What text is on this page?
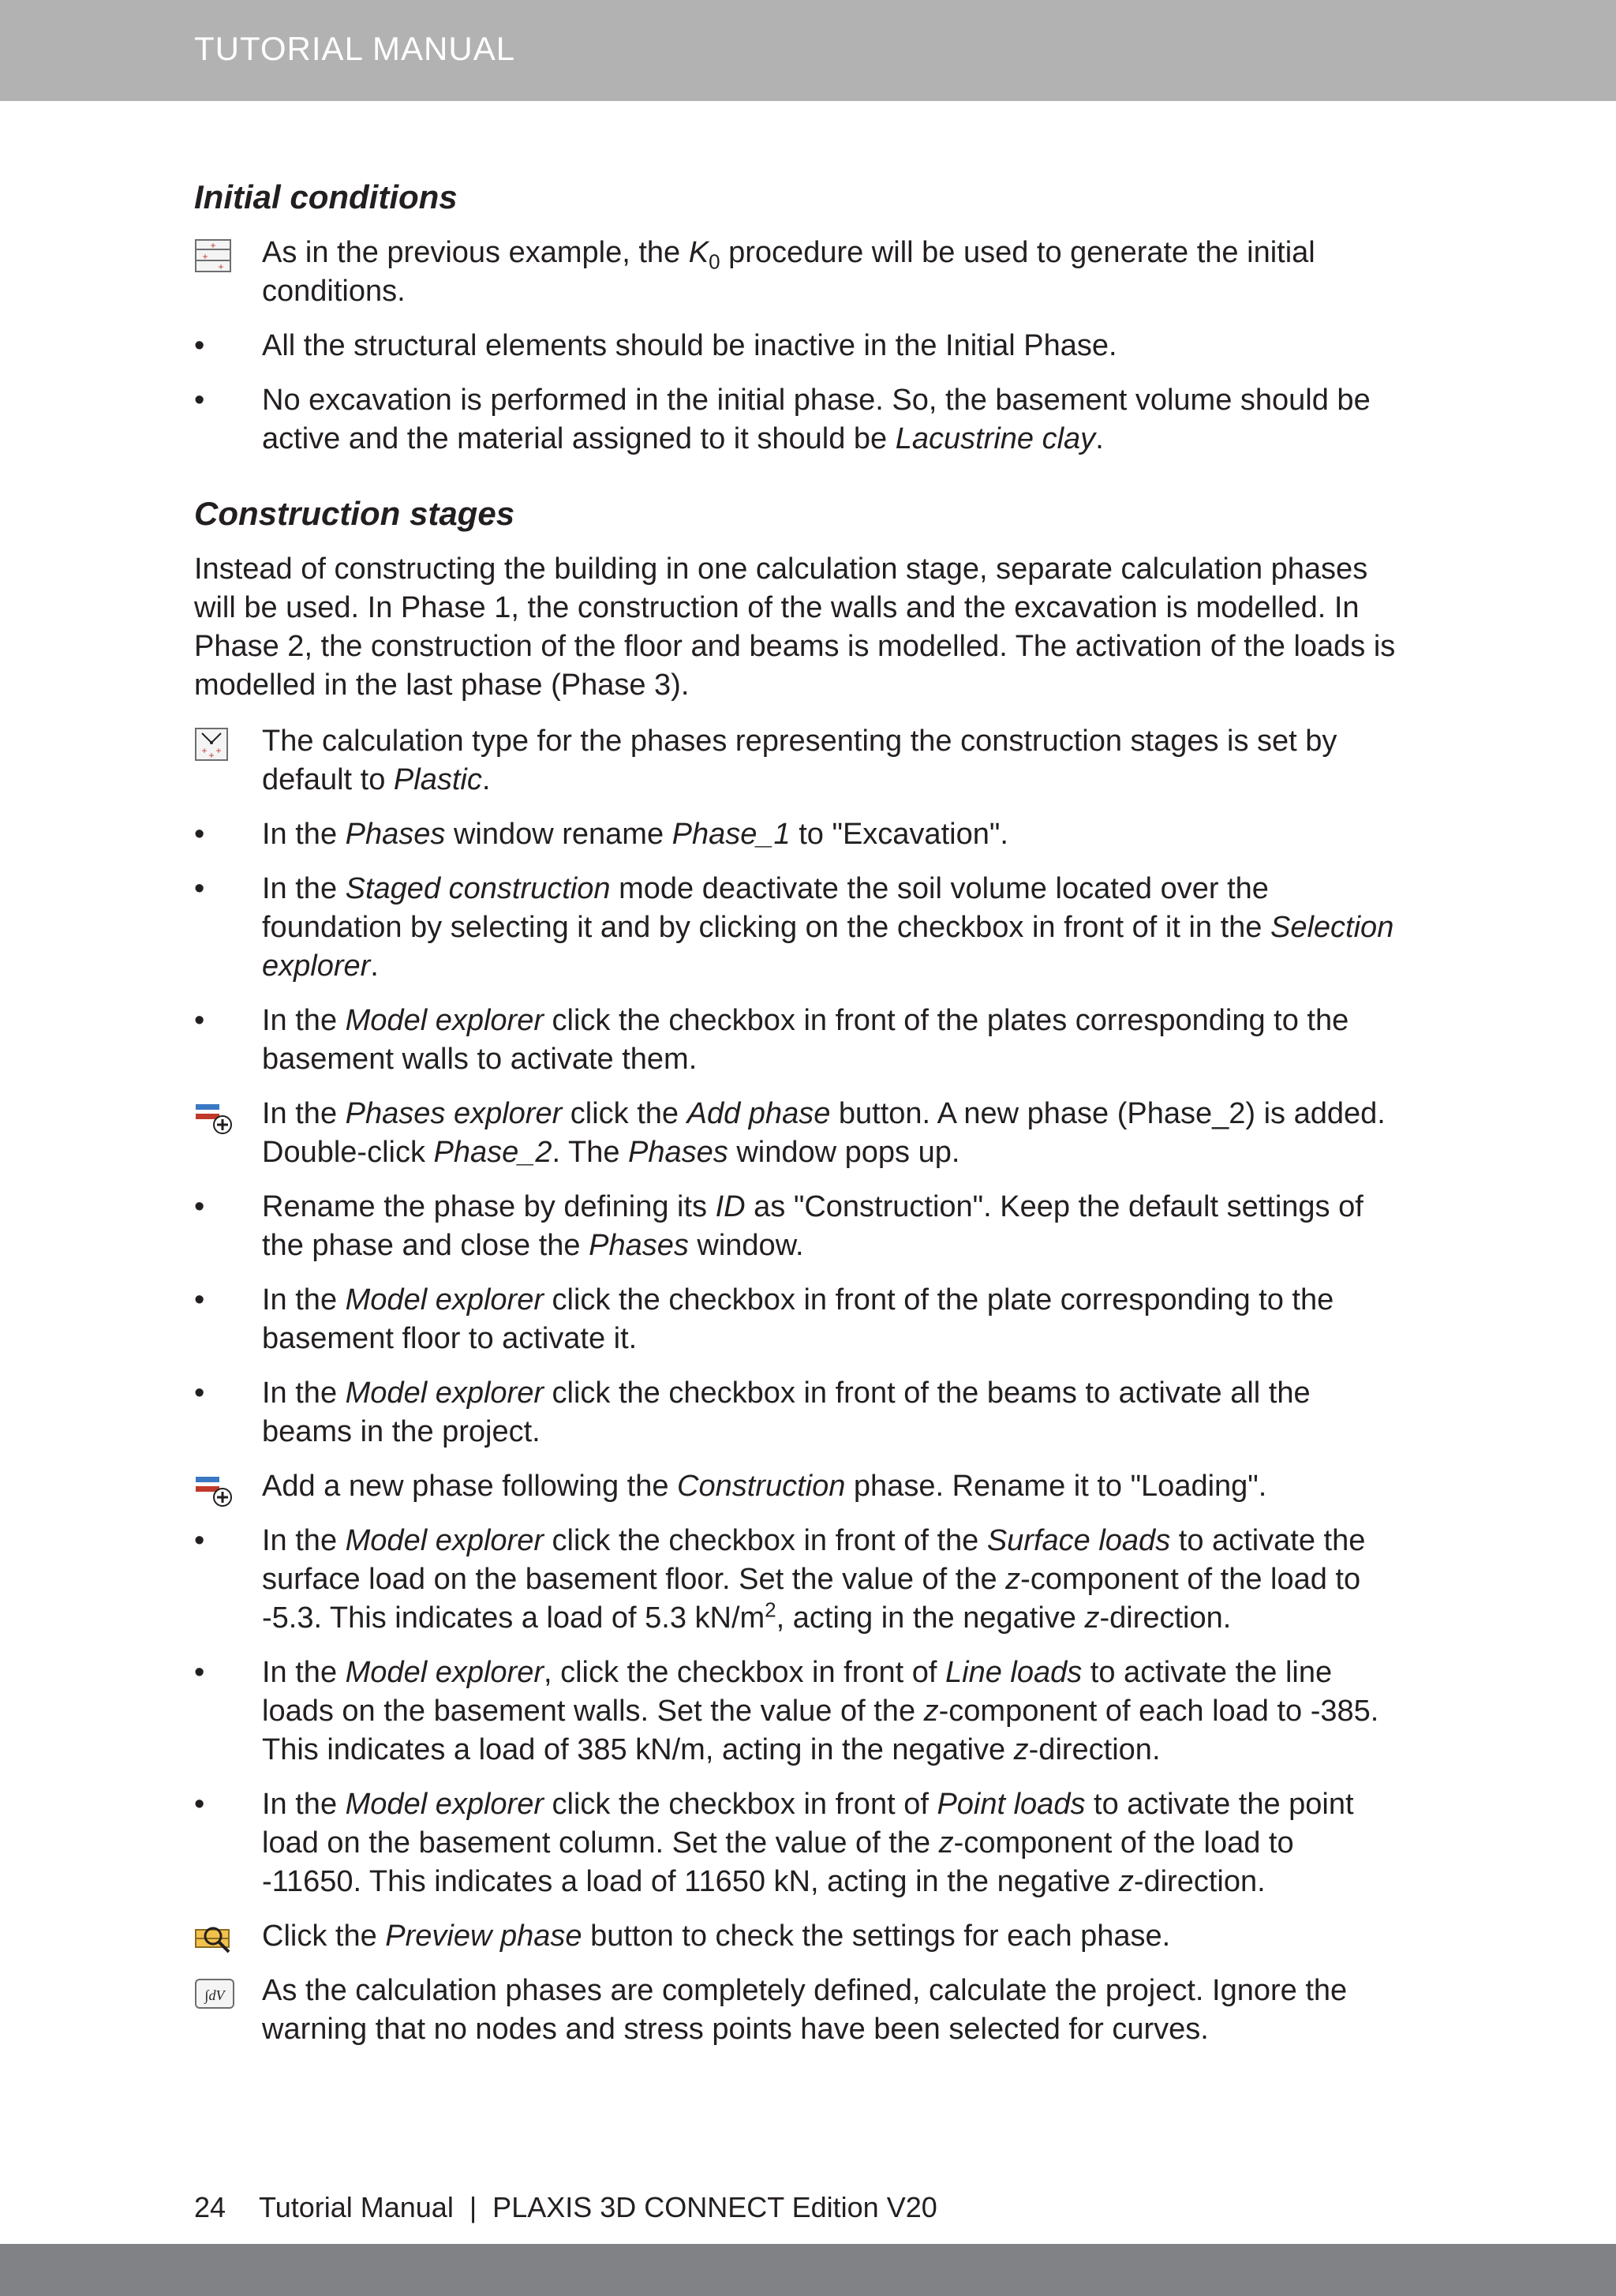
TUTORIAL MANUAL
Initial conditions
+
+
+ As in the previous example, the $K_0$ procedure will be used to generate the initial conditions.

•	All the structural elements should be inactive in the Initial Phase.

•	No excavation is performed in the initial phase. So, the basement volume should be active and the material assigned to it should be Lacustrine clay.

Construction stages

Instead of constructing the building in one calculation stage, separate calculation phases will be used. In Phase 1, the construction of the walls and the excavation is modelled. In Phase 2, the construction of the floor and beams is modelled. The activation of the loads is modelled in the last phase (Phase 3).

+ +
+ The calculation type for the phases representing the construction stages is set by default to Plastic.

•	In the Phases window rename Phase_1 to "Excavation".

•	In the Staged construction mode deactivate the soil volume located over the foundation by selecting it and by clicking on the checkbox in front of it in the Selection explorer.

•	In the Model explorer click the checkbox in front of the plates corresponding to the basement walls to activate them.

In the Phases explorer click the Add phase button. A new phase (Phase_2) is added. Double-click Phase_2. The Phases window pops up.

•	Rename the phase by defining its ID as "Construction". Keep the default settings of the phase and close the Phases window.

•	In the Model explorer click the checkbox in front of the plate corresponding to the basement floor to activate it.

•	In the Model explorer click the checkbox in front of the beams to activate all the beams in the project.

Add a new phase following the Construction phase. Rename it to "Loading".

•	In the Model explorer click the checkbox in front of the Surface loads to activate the surface load on the basement floor. Set the value of the z-component of the load to -5.3. This indicates a load of 5.3 $kN/m^2$, acting in the negative z-direction.

•	In the Model explorer, click the checkbox in front of Line loads to activate the line loads on the basement walls. Set the value of the z-component of each load to -385. This indicates a load of 385 kN/m, acting in the negative z-direction.

•	In the Model explorer click the checkbox in front of Point loads to activate the point load on the basement column. Set the value of the z-component of the load to -11650. This indicates a load of 11650 kN, acting in the negative z-direction.

Click the Preview phase button to check the settings for each phase.

∫dV As the calculation phases are completely defined, calculate the project. Ignore the warning that no nodes and stress points have been selected for curves.

24 Tutorial Manual  |  PLAXIS 3D CONNECT Edition V20
